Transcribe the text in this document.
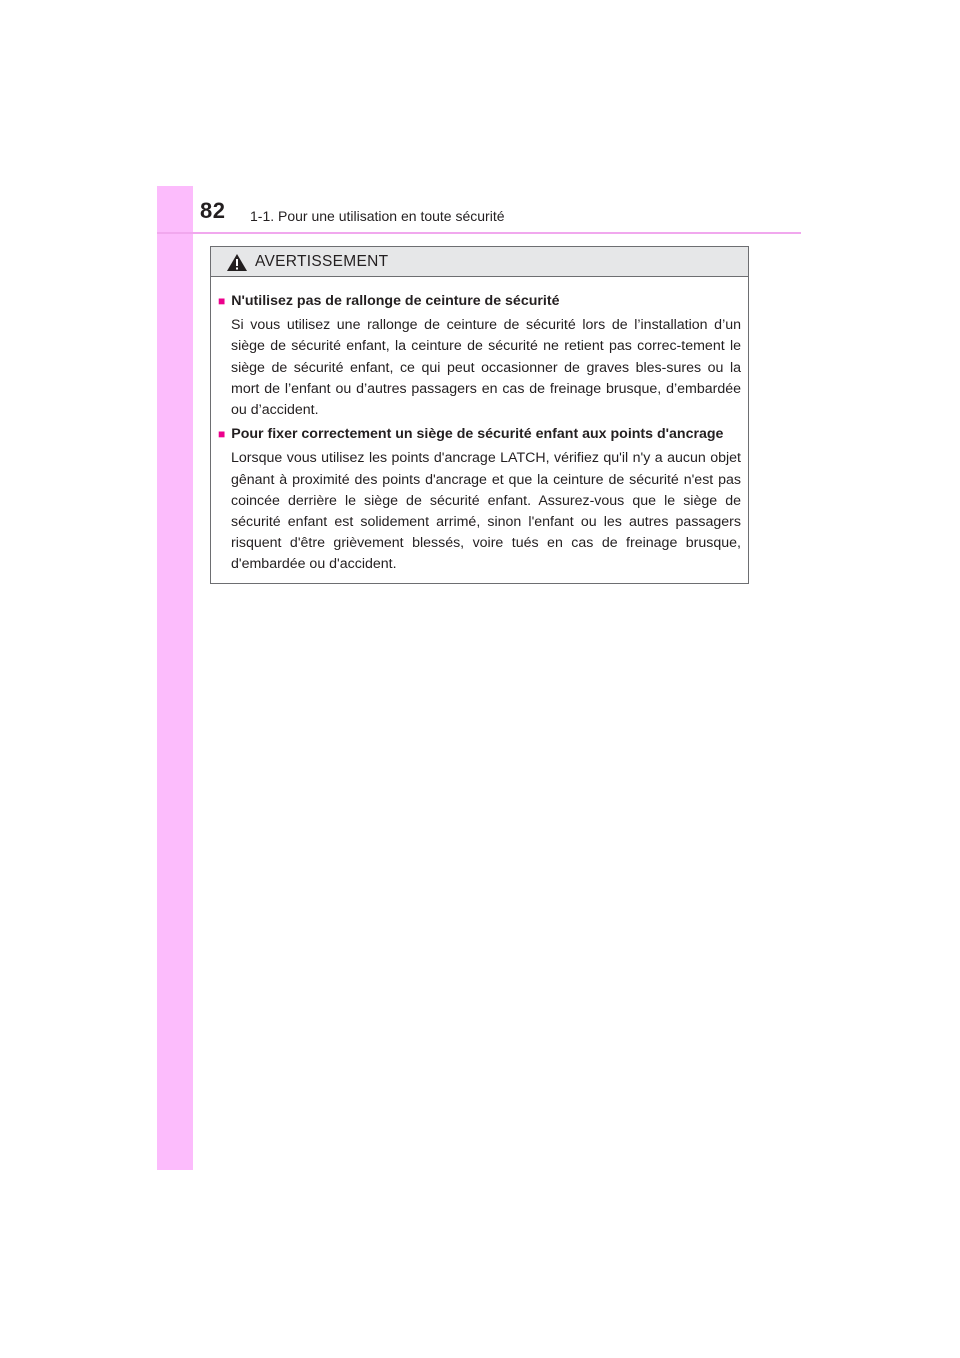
82 1-1. Pour une utilisation en toute sécurité
AVERTISSEMENT
■ N'utilisez pas de rallonge de ceinture de sécurité
Si vous utilisez une rallonge de ceinture de sécurité lors de l’installation d’un siège de sécurité enfant, la ceinture de sécurité ne retient pas correc-tement le siège de sécurité enfant, ce qui peut occasionner de graves bles-sures ou la mort de l’enfant ou d’autres passagers en cas de freinage brusque, d’embardée ou d’accident.
■ Pour fixer correctement un siège de sécurité enfant aux points d'ancrage
Lorsque vous utilisez les points d'ancrage LATCH, vérifiez qu'il n'y a aucun objet gênant à proximité des points d'ancrage et que la ceinture de sécurité n'est pas coincée derrière le siège de sécurité enfant. Assurez-vous que le siège de sécurité enfant est solidement arrimé, sinon l'enfant ou les autres passagers risquent d'être grièvement blessés, voire tués en cas de freinage brusque, d'embardée ou d'accident.
